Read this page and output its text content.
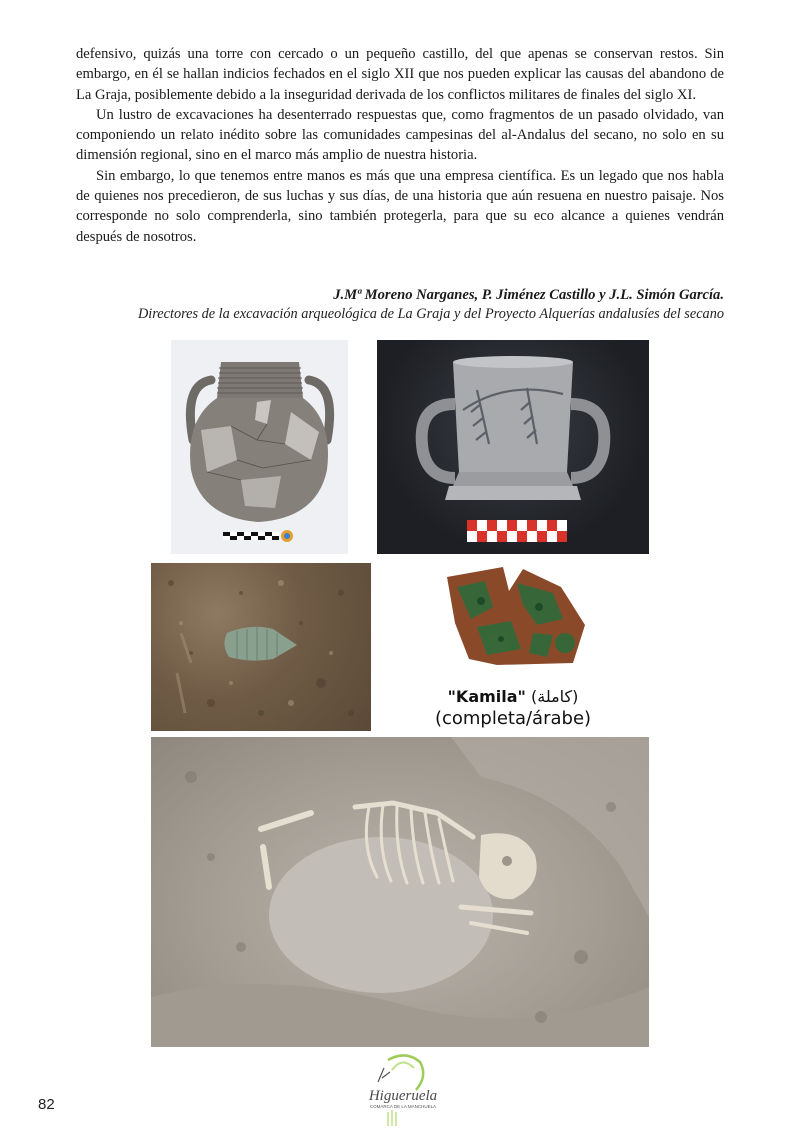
defensivo, quizás una torre con cercado o un pequeño castillo, del que apenas se conservan restos. Sin embargo, en él se hallan indicios fechados en el siglo XII que nos pueden explicar las causas del abandono de La Graja, posiblemente debido a la inseguridad derivada de los conflictos militares de finales del siglo XI.

Un lustro de excavaciones ha desenterrado respuestas que, como fragmentos de un pasado olvidado, van componiendo un relato inédito sobre las comunidades campesinas del al-Andalus del secano, no solo en su dimensión regional, sino en el marco más amplio de nuestra historia.

Sin embargo, lo que tenemos entre manos es más que una empresa científica. Es un legado que nos habla de quienes nos precedieron, de sus luchas y sus días, de una historia que aún resuena en nuestro paisaje. Nos corresponde no solo comprenderla, sino también protegerla, para que su eco alcance a quienes vendrán después de nosotros.

J.Mª Moreno Narganes, P. Jiménez Castillo y J.L. Simón García.
Directores de la excavación arqueológica de La Graja y del Proyecto Alquerías andalusíes del secano
"Kamila" (كاملة)
(completa/árabe)
82	Higueruela
COMARCA DE LA MANCHUELA
